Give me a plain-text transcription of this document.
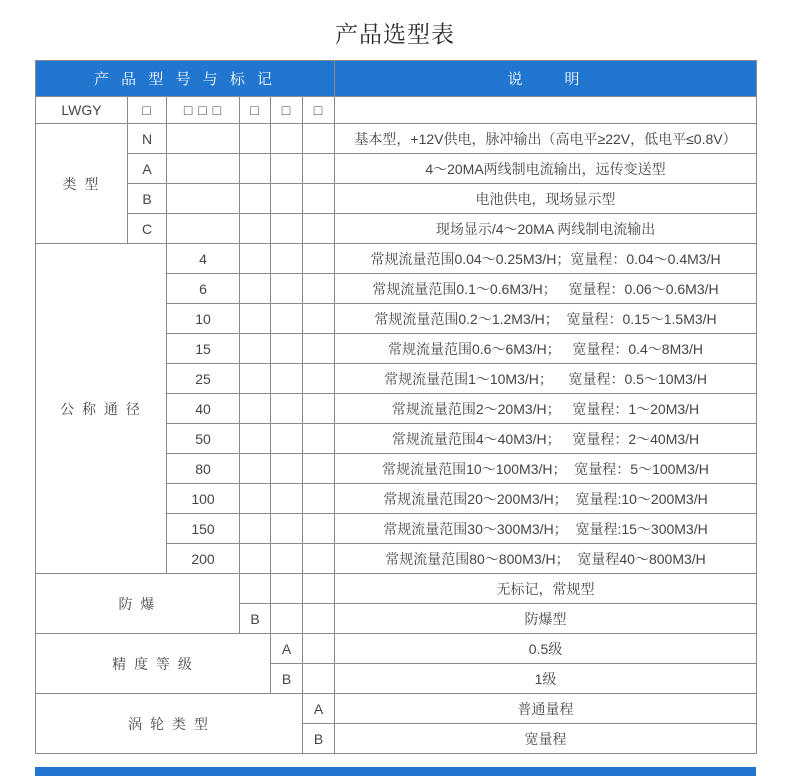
产品选型表
产 品 型 号 与 标 记						说　　明
LWGY	□	□ □ □	□	□	□	
类 型	N					基本型，+12V供电，脉冲输出（高电平≥22V，低电平≤0.8V）
	A					4～20MA两线制电流输出，远传变送型
	B					电池供电，现场显示型
	C					现场显示/4～20MA 两线制电流输出
公 称 通 径		4				常规流量范围0.04～0.25M3/H；宽量程：0.04～0.4M3/H
		6				常规流量范围0.1～0.6M3/H；   宽量程：0.06～0.6M3/H
		10				常规流量范围0.2～1.2M3/H；  宽量程：0.15～1.5M3/H
		15				常规流量范围0.6～6M3/H；   宽量程：0.4～8M3/H
		25				常规流量范围1～10M3/H；    宽量程：0.5～10M3/H
		40				常规流量范围2～20M3/H；   宽量程：1～20M3/H
		50				常规流量范围4～40M3/H；   宽量程：2～40M3/H
		80				常规流量范围10～100M3/H；  宽量程：5～100M3/H
		100				常规流量范围20～200M3/H；  宽量程:10～200M3/H
		150				常规流量范围30～300M3/H；  宽量程:15～300M3/H
		200				常规流量范围80～800M3/H；  宽量程40～800M3/H
防 爆						无标记，常规型
			B			防爆型
精 度 等 级				A		0.5级
				B		1级
涡 轮 类 型					A	普通量程
					B	宽量程
